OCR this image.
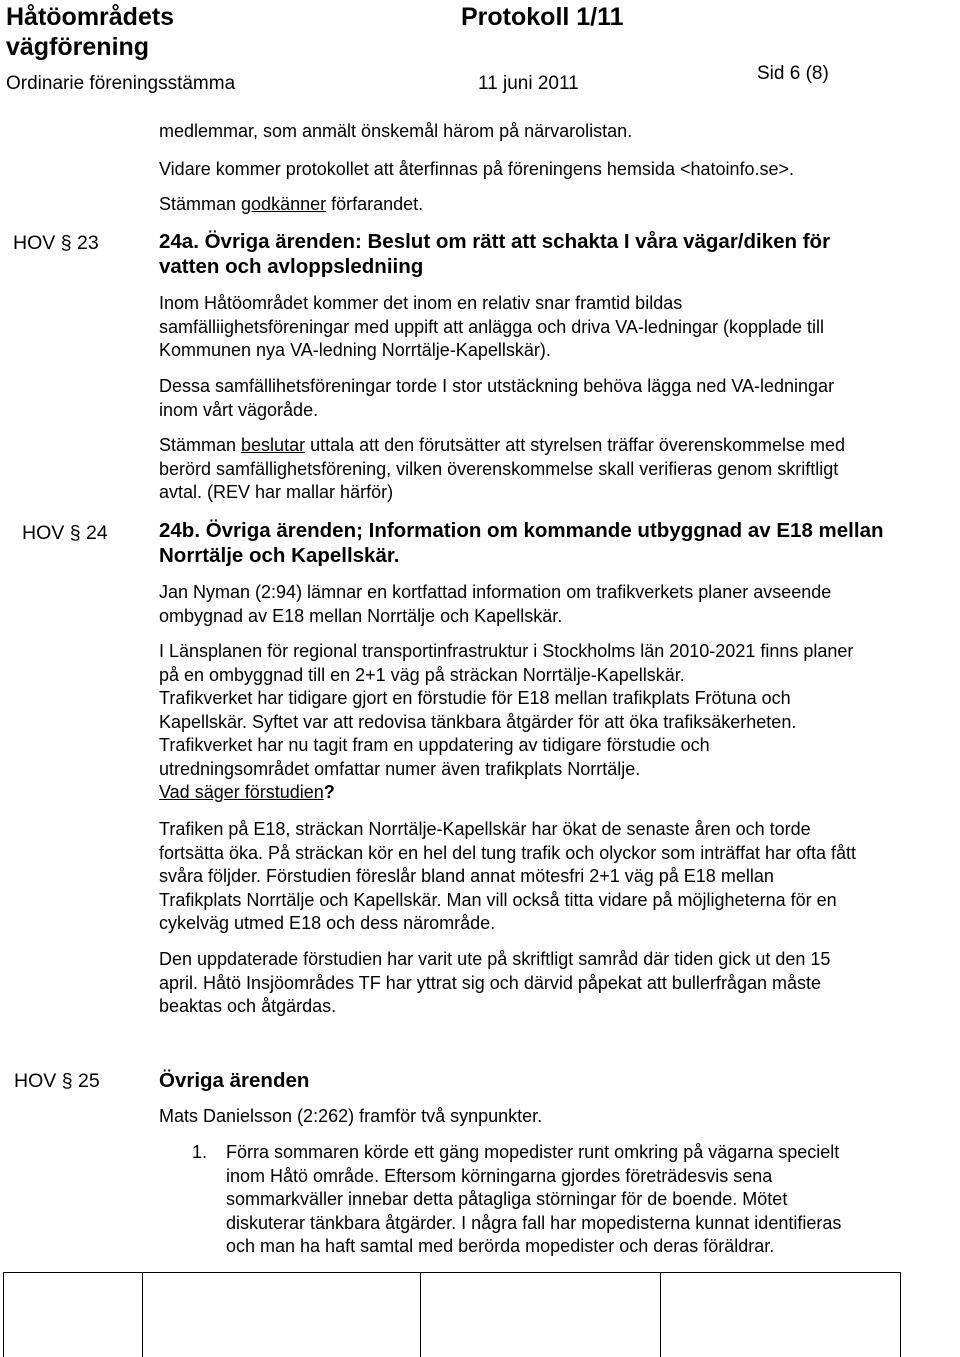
Håtöområdets
vägförening
Protokoll 1/11
Ordinarie föreningsstämma	11 juni 2011	Sid 6 (8)
medlemmar, som anmält önskemål härom på närvarolistan.
Vidare kommer protokollet att återfinnas på föreningens hemsida <hatoinfo.se>.
Stämman godkänner förfarandet.
HOV § 23	24a. Övriga ärenden: Beslut om rätt att schakta I våra vägar/diken för
vatten och avloppsledniing
Inom Håtöområdet kommer det inom en relativ snar framtid bildas
samfälliighetsföreningar med uppift att anlägga och driva VA-ledningar (kopplade till
Kommunen nya VA-ledning Norrtälje-Kapellskär).
Dessa samfällihetsföreningar torde I stor utstäckning behöva lägga ned VA-ledningar
inom vårt vägoråde.
Stämman beslutar uttala att den förutsätter att styrelsen träffar överenskommelse med
berörd samfällighetsförening, vilken överenskommelse skall verifieras genom skriftligt
avtal. (REV har mallar härför)
HOV § 24	24b. Övriga ärenden; Information om kommande utbyggnad av E18 mellan
Norrtälje och Kapellskär.
Jan Nyman (2:94) lämnar en kortfattad information om trafikverkets planer avseende
ombygnad av E18 mellan Norrtälje och Kapellskär.
I Länsplanen för regional transportinfrastruktur i Stockholms län 2010-2021 finns planer
på en ombyggnad till en 2+1 väg på sträckan Norrtälje-Kapellskär.
Trafikverket har tidigare gjort en förstudie för E18 mellan trafikplats Frötuna och
Kapellskär. Syftet var att redovisa tänkbara åtgärder för att öka trafiksäkerheten.
Trafikverket har nu tagit fram en uppdatering av tidigare förstudie och
utredningsområdet omfattar numer även trafikplats Norrtälje.
Vad säger förstudien?
Trafiken på E18, sträckan Norrtälje-Kapellskär har ökat de senaste åren och torde
fortsätta öka. På sträckan kör en hel del tung trafik och olyckor som inträffat har ofta fått
svåra följder. Förstudien föreslår bland annat mötesfri 2+1 väg på E18 mellan
Trafikplats Norrtälje och Kapellskär. Man vill också titta vidare på möjligheterna för en
cykelväg utmed E18 och dess närområde.
Den uppdaterade förstudien har varit ute på skriftligt samråd där tiden gick ut den 15
april. Håtö Insjöområdes TF har yttrat sig och därvid påpekat att bullerfrågan måste
beaktas och åtgärdas.
HOV § 25	Övriga ärenden
Mats Danielsson (2:262) framför två synpunkter.
1. Förra sommaren körde ett gäng mopedister runt omkring på vägarna specielt
inom Håtö område. Eftersom körningarna gjordes företrädesvis sena
sommarkväller innebar detta påtagliga störningar för de boende. Mötet
diskuterar tänkbara åtgärder. I några fall har mopedisterna kunnat identifieras
och man ha haft samtal med berörda mopedister och deras föräldrar.
